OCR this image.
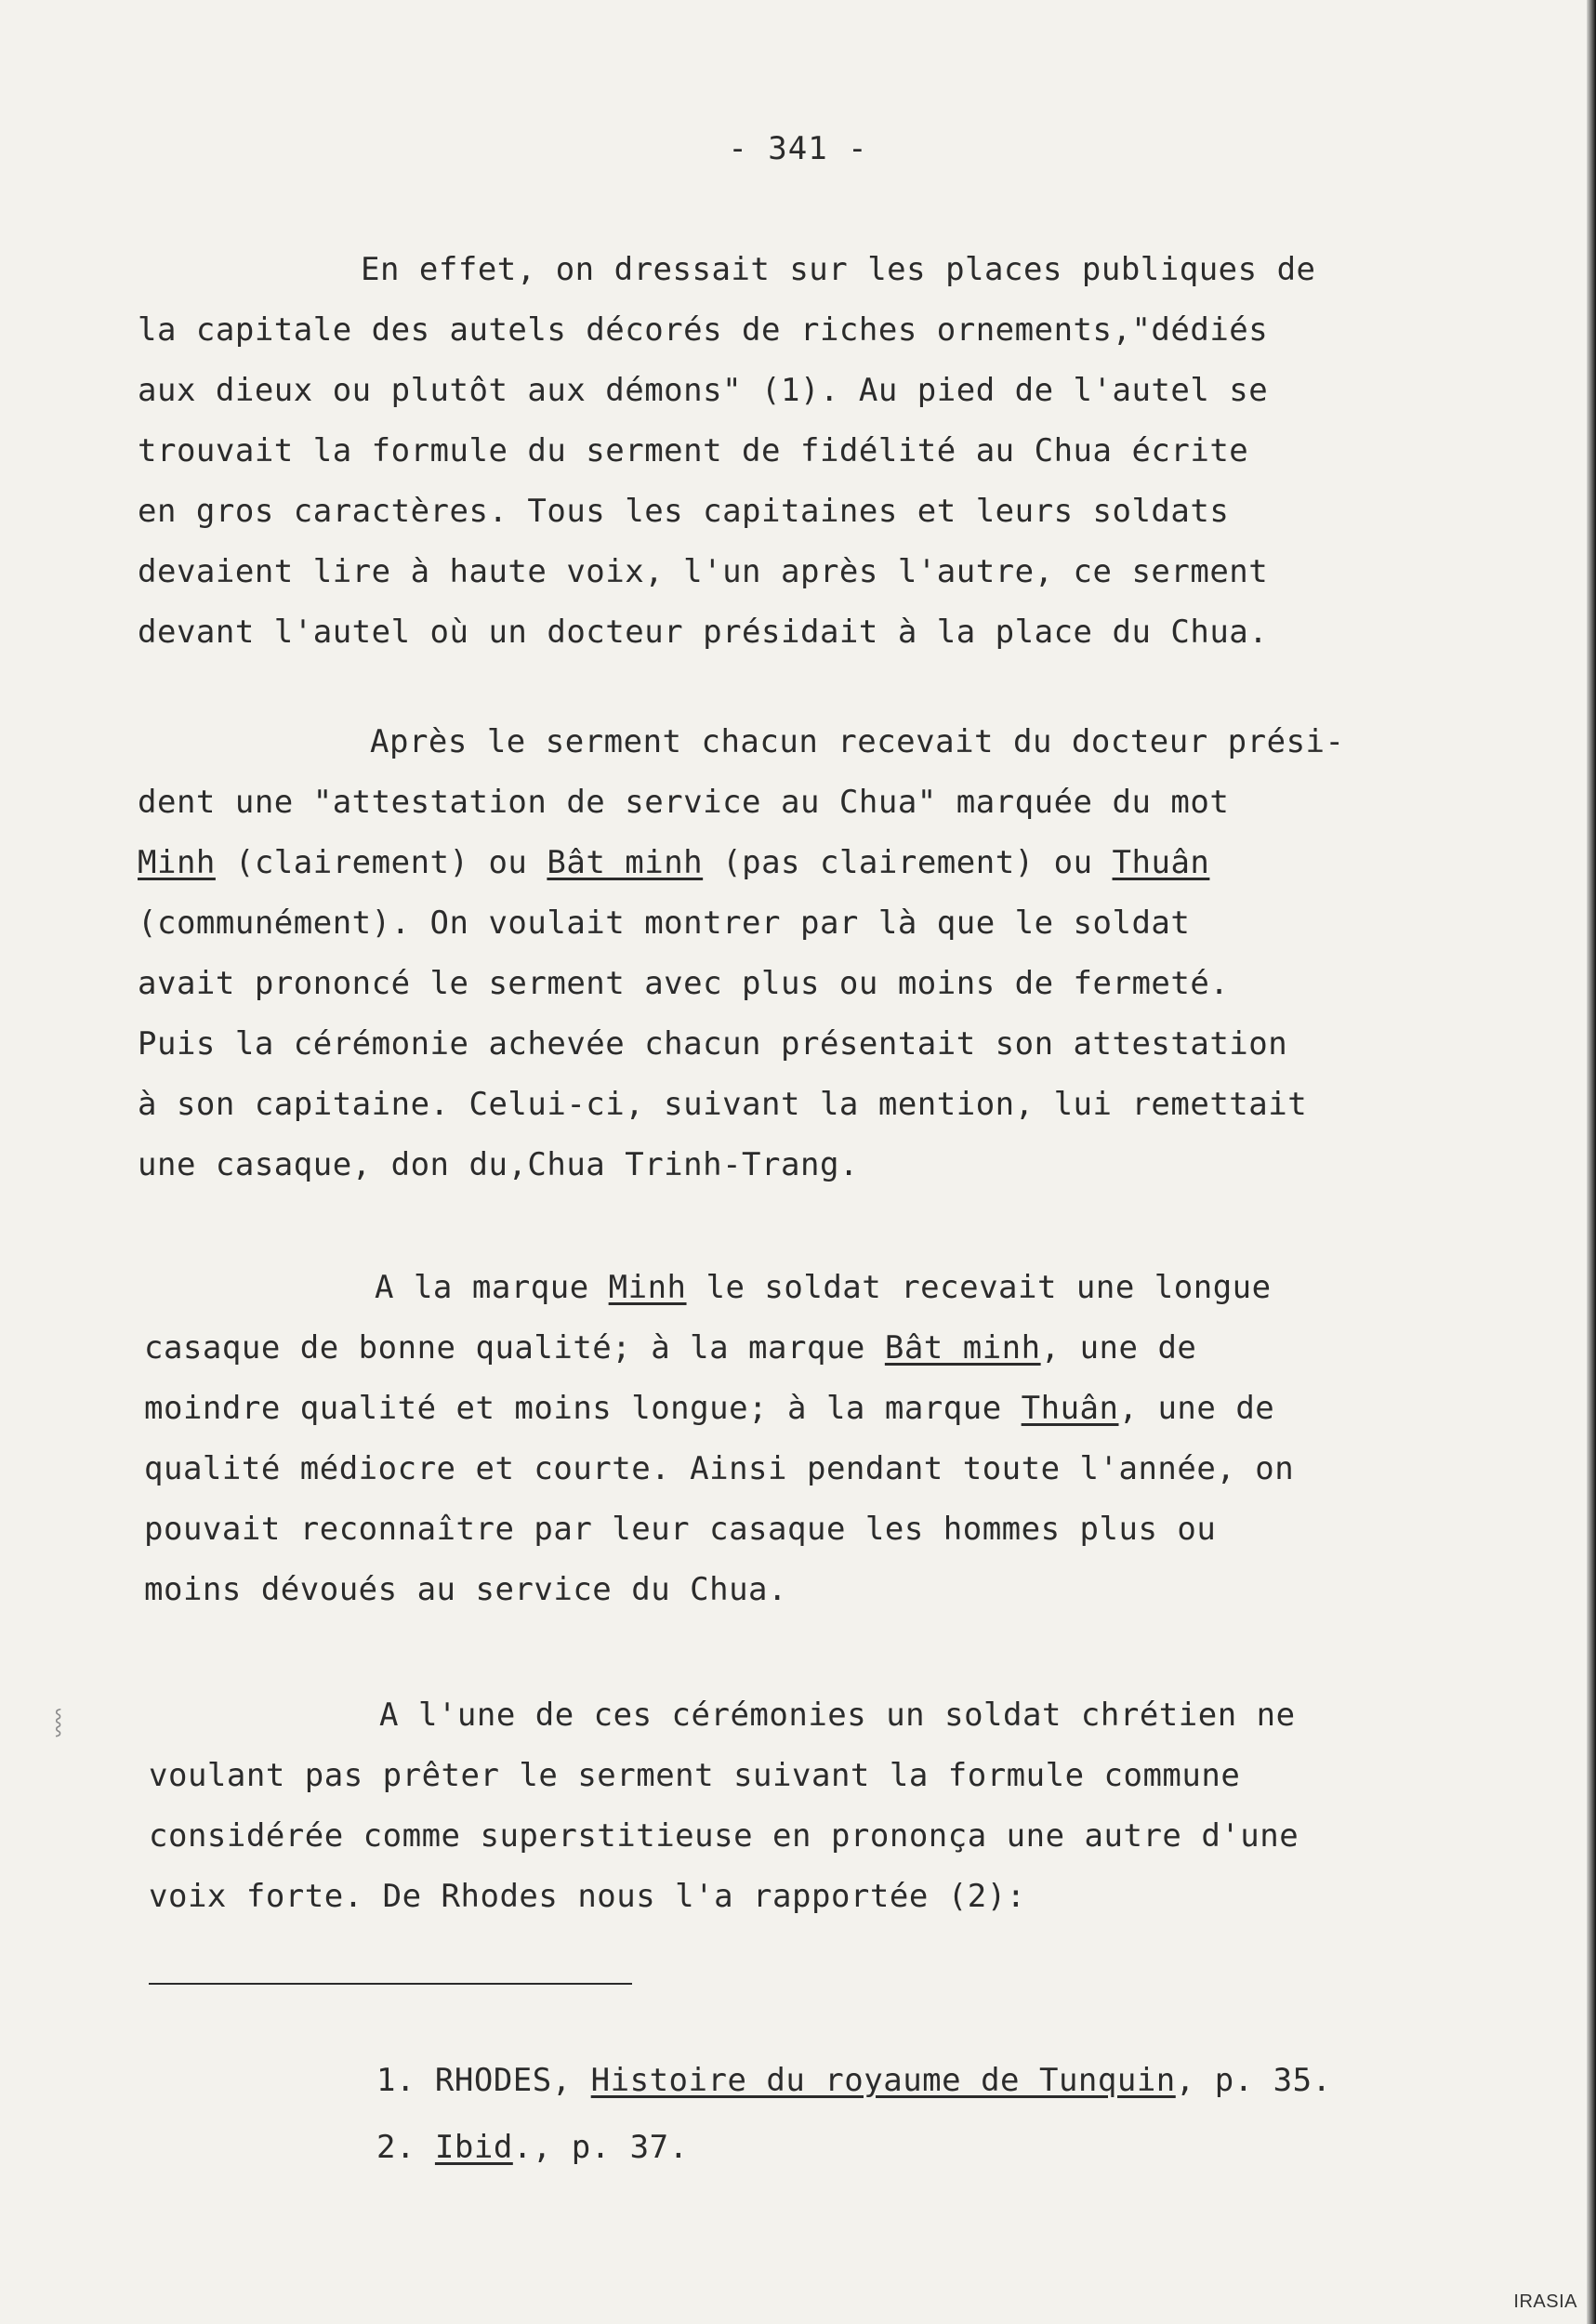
- 341 -
En effet, on dressait sur les places publiques de
la capitale des autels décorés de riches ornements,"dédiés
aux dieux ou plutôt aux démons" (1). Au pied de l'autel se
trouvait la formule du serment de fidélité au Chua écrite
en gros caractères. Tous les capitaines et leurs soldats
devaient lire à haute voix, l'un après l'autre, ce serment
devant l'autel où un docteur présidait à la place du Chua.
Après le serment chacun recevait du docteur prési-
dent une "attestation de service au Chua" marquée du mot
Minh (clairement) ou Bât minh (pas clairement) ou Thuân
(communément). On voulait montrer par là que le soldat
avait prononcé le serment avec plus ou moins de fermeté.
Puis la cérémonie achevée chacun présentait son attestation
à son capitaine. Celui-ci, suivant la mention, lui remettait
une casaque, don du,Chua Trinh-Trang.
A la marque Minh le soldat recevait une longue
casaque de bonne qualité; à la marque Bât minh, une de
moindre qualité et moins longue; à la marque Thuân, une de
qualité médiocre et courte. Ainsi pendant toute l'année, on
pouvait reconnaître par leur casaque les hommes plus ou
moins dévoués au service du Chua.
A l'une de ces cérémonies un soldat chrétien ne
voulant pas prêter le serment suivant la formule commune
considérée comme superstitieuse en prononça une autre d'une
voix forte. De Rhodes nous l'a rapportée (2):
1. RHODES, Histoire du royaume de Tunquin, p. 35.
2. Ibid., p. 37.
⸾
IRASIA
